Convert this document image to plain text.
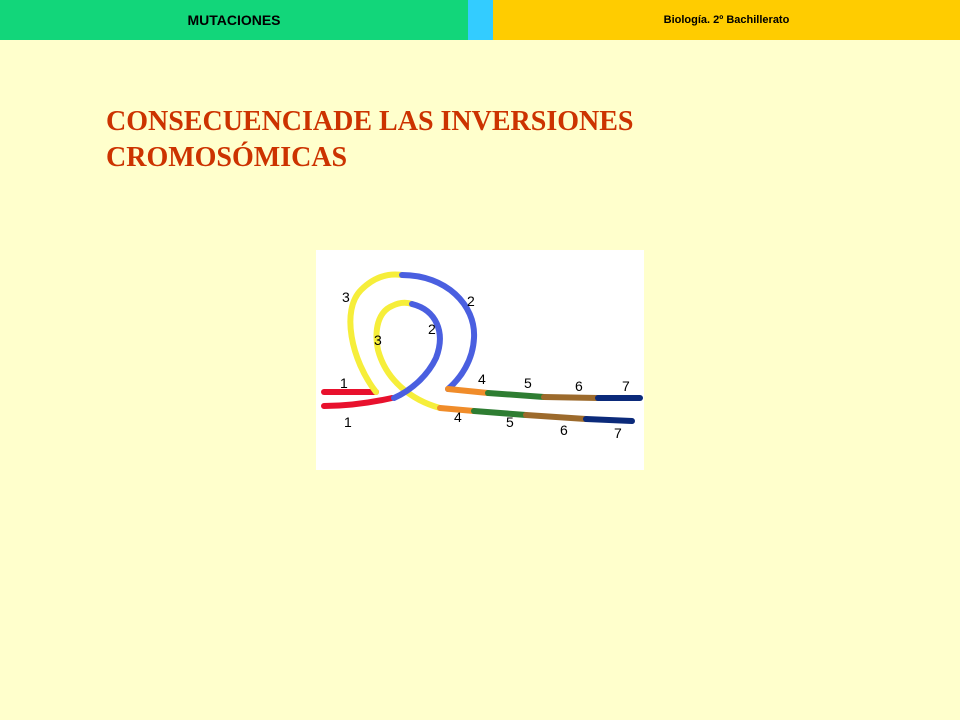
MUTACIONES	Biología. 2º Bachillerato
CONSECUENCIADE LAS INVERSIONES
CROMOSÓMICAS
1
2
3
4	5	6	7
2
3
1	4	5	6	7
